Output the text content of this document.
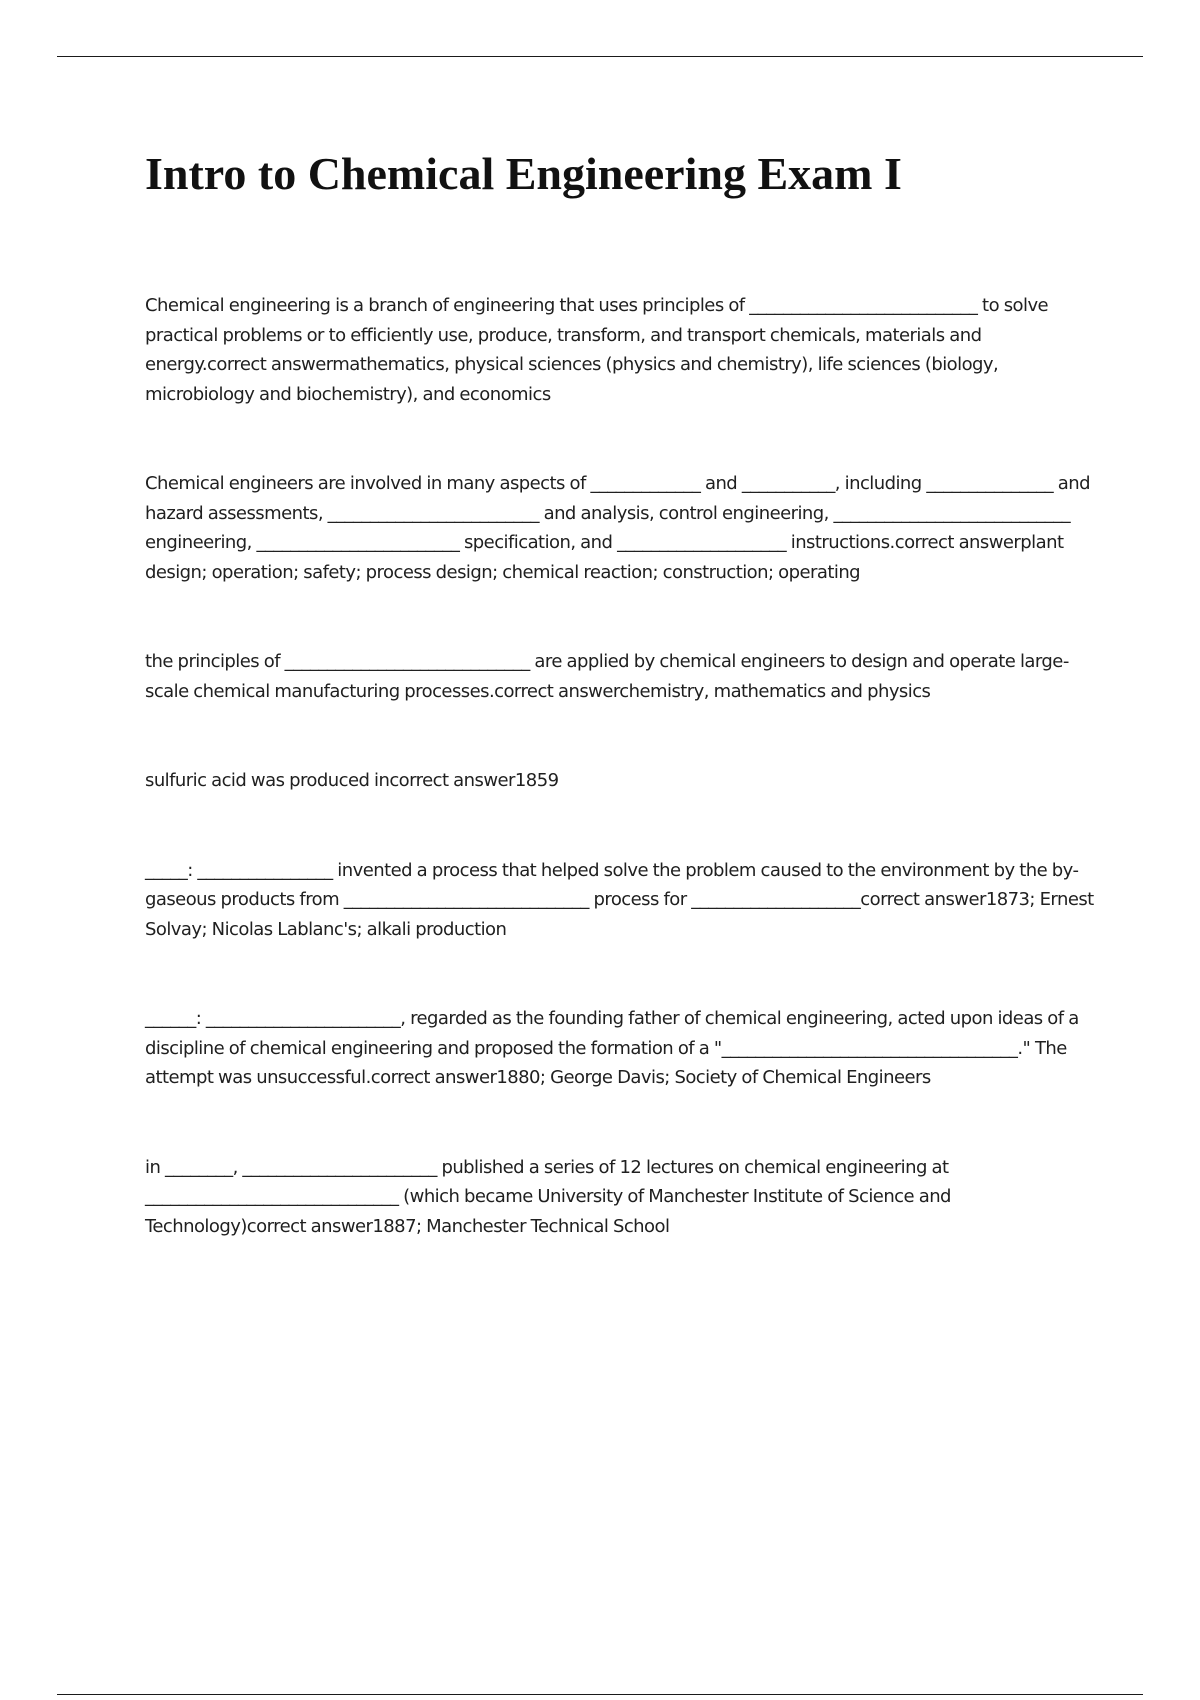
Intro to Chemical Engineering Exam I

Chemical engineering is a branch of engineering that uses principles of ___________________________ to solve practical problems or to efficiently use, produce, transform, and transport chemicals, materials and energy.correct answermathematics, physical sciences (physics and chemistry), life sciences (biology, microbiology and biochemistry), and economics

Chemical engineers are involved in many aspects of _____________ and ___________, including _______________ and hazard assessments, _________________________ and analysis, control engineering, ____________________________ engineering, ________________________ specification, and ____________________ instructions.correct answerplant design; operation; safety; process design; chemical reaction; construction; operating

the principles of _____________________________ are applied by chemical engineers to design and operate large-scale chemical manufacturing processes.correct answerchemistry, mathematics and physics

sulfuric acid was produced incorrect answer1859

_____: ________________ invented a process that helped solve the problem caused to the environment by the by-gaseous products from _____________________________ process for ____________________correct answer1873; Ernest Solvay; Nicolas Lablanc's; alkali production

______: _______________________, regarded as the founding father of chemical engineering, acted upon ideas of a discipline of chemical engineering and proposed the formation of a "___________________________________." The attempt was unsuccessful.correct answer1880; George Davis; Society of Chemical Engineers

in ________, _______________________ published a series of 12 lectures on chemical engineering at ______________________________ (which became University of Manchester Institute of Science and Technology)correct answer1887; Manchester Technical School
